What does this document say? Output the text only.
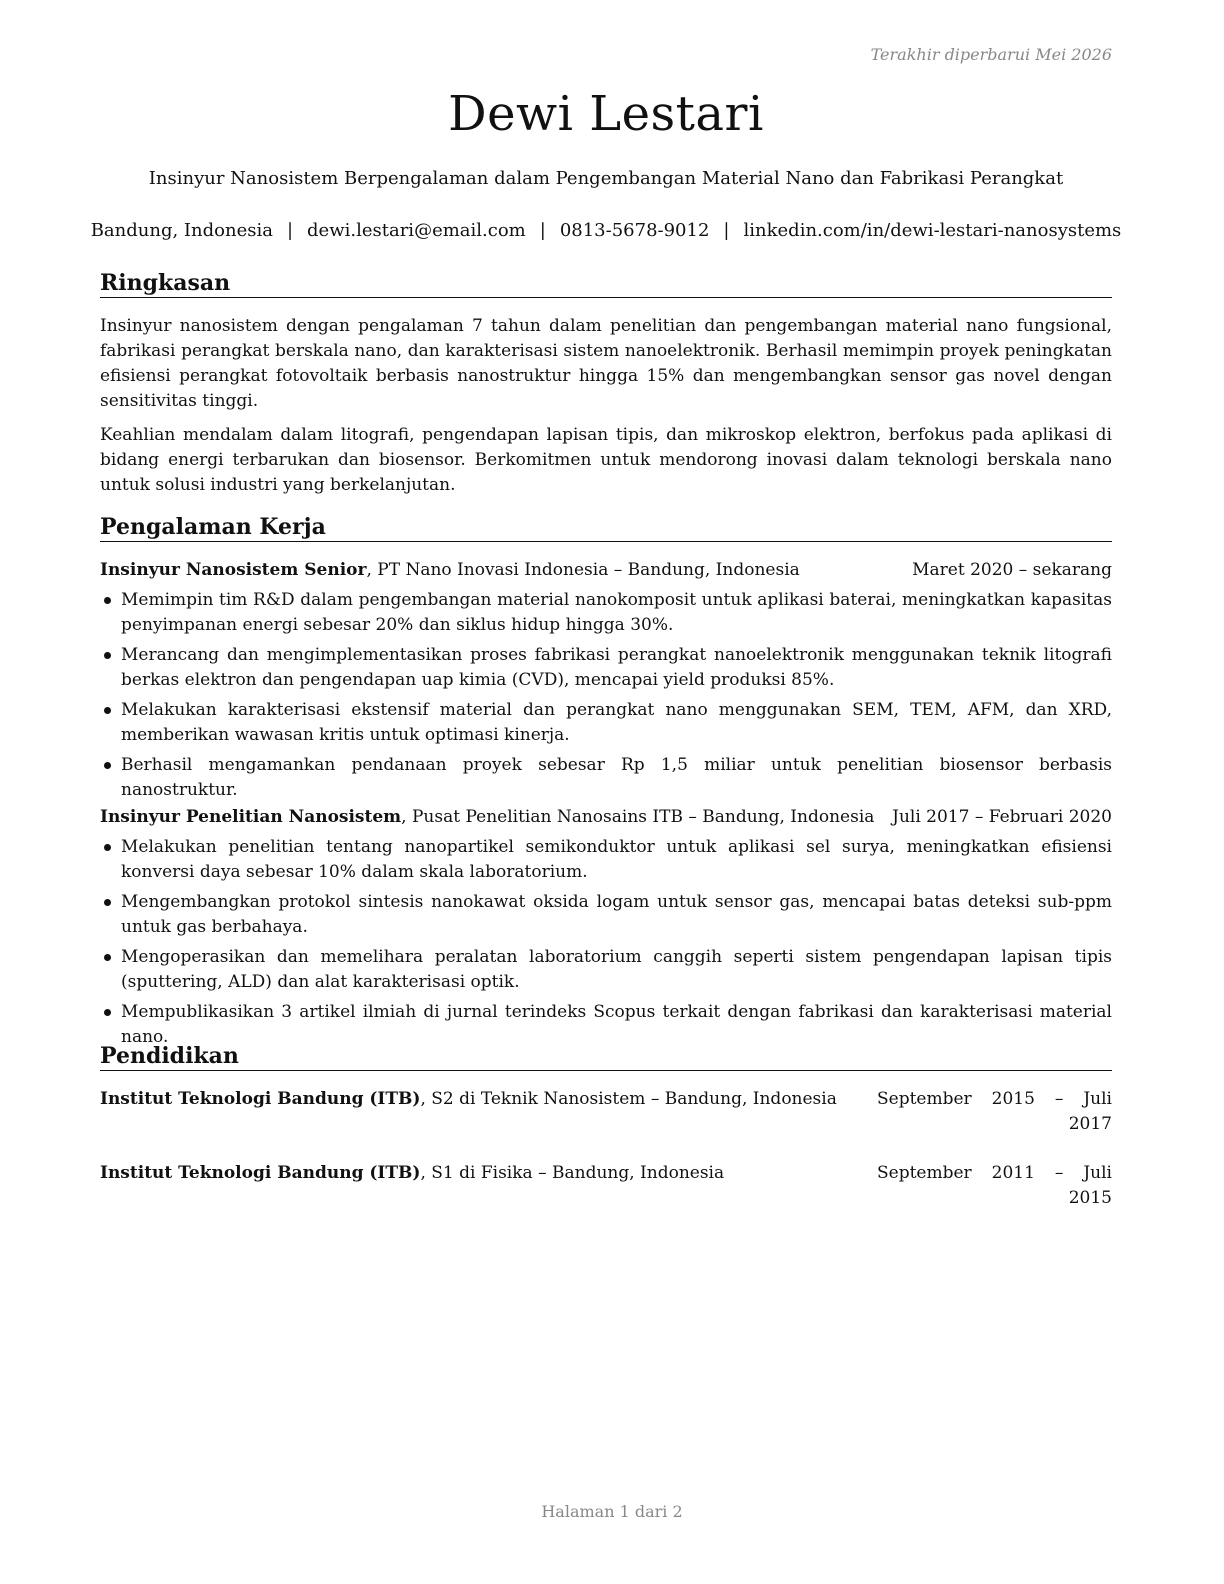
Terakhir diperbarui Mei 2026
Dewi Lestari
Insinyur Nanosistem Berpengalaman dalam Pengembangan Material Nano dan Fabrikasi Perangkat
Bandung, Indonesia | dewi.lestari@email.com | 0813-5678-9012 | linkedin.com/in/dewi-lestari-nanosystems
Ringkasan

Insinyur nanosistem dengan pengalaman 7 tahun dalam penelitian dan pengembangan material nano fungsional, fabrikasi perangkat berskala nano, dan karakterisasi sistem nanoelektronik. Berhasil memimpin proyek peningkatan efisiensi perangkat fotovoltaik berbasis nanostruktur hingga 15% dan mengembangkan sensor gas novel dengan sensitivitas tinggi.

Keahlian mendalam dalam litografi, pengendapan lapisan tipis, dan mikroskop elektron, berfokus pada aplikasi di bidang energi terbarukan dan biosensor. Berkomitmen untuk mendorong inovasi dalam teknologi berskala nano untuk solusi industri yang berkelanjutan.

Pengalaman Kerja
Insinyur Nanosistem Senior, PT Nano Inovasi Indonesia – Bandung, Indonesia	Maret 2020 – sekarang
Memimpin tim R&D dalam pengembangan material nanokomposit untuk aplikasi baterai, meningkatkan kapasitas penyimpanan energi sebesar 20% dan siklus hidup hingga 30%.
Merancang dan mengimplementasikan proses fabrikasi perangkat nanoelektronik menggunakan teknik litografi berkas elektron dan pengendapan uap kimia (CVD), mencapai yield produksi 85%.
Melakukan karakterisasi ekstensif material dan perangkat nano menggunakan SEM, TEM, AFM, dan XRD, memberikan wawasan kritis untuk optimasi kinerja.
Berhasil mengamankan pendanaan proyek sebesar Rp 1,5 miliar untuk penelitian biosensor berbasis nanostruktur.
Insinyur Penelitian Nanosistem, Pusat Penelitian Nanosains ITB – Bandung, Indonesia Juli 2017 – Februari 2020
Melakukan penelitian tentang nanopartikel semikonduktor untuk aplikasi sel surya, meningkatkan efisiensi konversi daya sebesar 10% dalam skala laboratorium.
Mengembangkan protokol sintesis nanokawat oksida logam untuk sensor gas, mencapai batas deteksi sub-ppm untuk gas berbahaya.
Mengoperasikan dan memelihara peralatan laboratorium canggih seperti sistem pengendapan lapisan tipis (sputtering, ALD) dan alat karakterisasi optik.
Mempublikasikan 3 artikel ilmiah di jurnal terindeks Scopus terkait dengan fabrikasi dan karakterisasi material nano.
Pendidikan
Institut Teknologi Bandung (ITB), S2 di Teknik Nanosistem – Bandung, Indonesia September 2015 – Juli
2017
Institut Teknologi Bandung (ITB), S1 di Fisika – Bandung, Indonesia	September 2011 – Juli
2015
Halaman 1 dari 2
